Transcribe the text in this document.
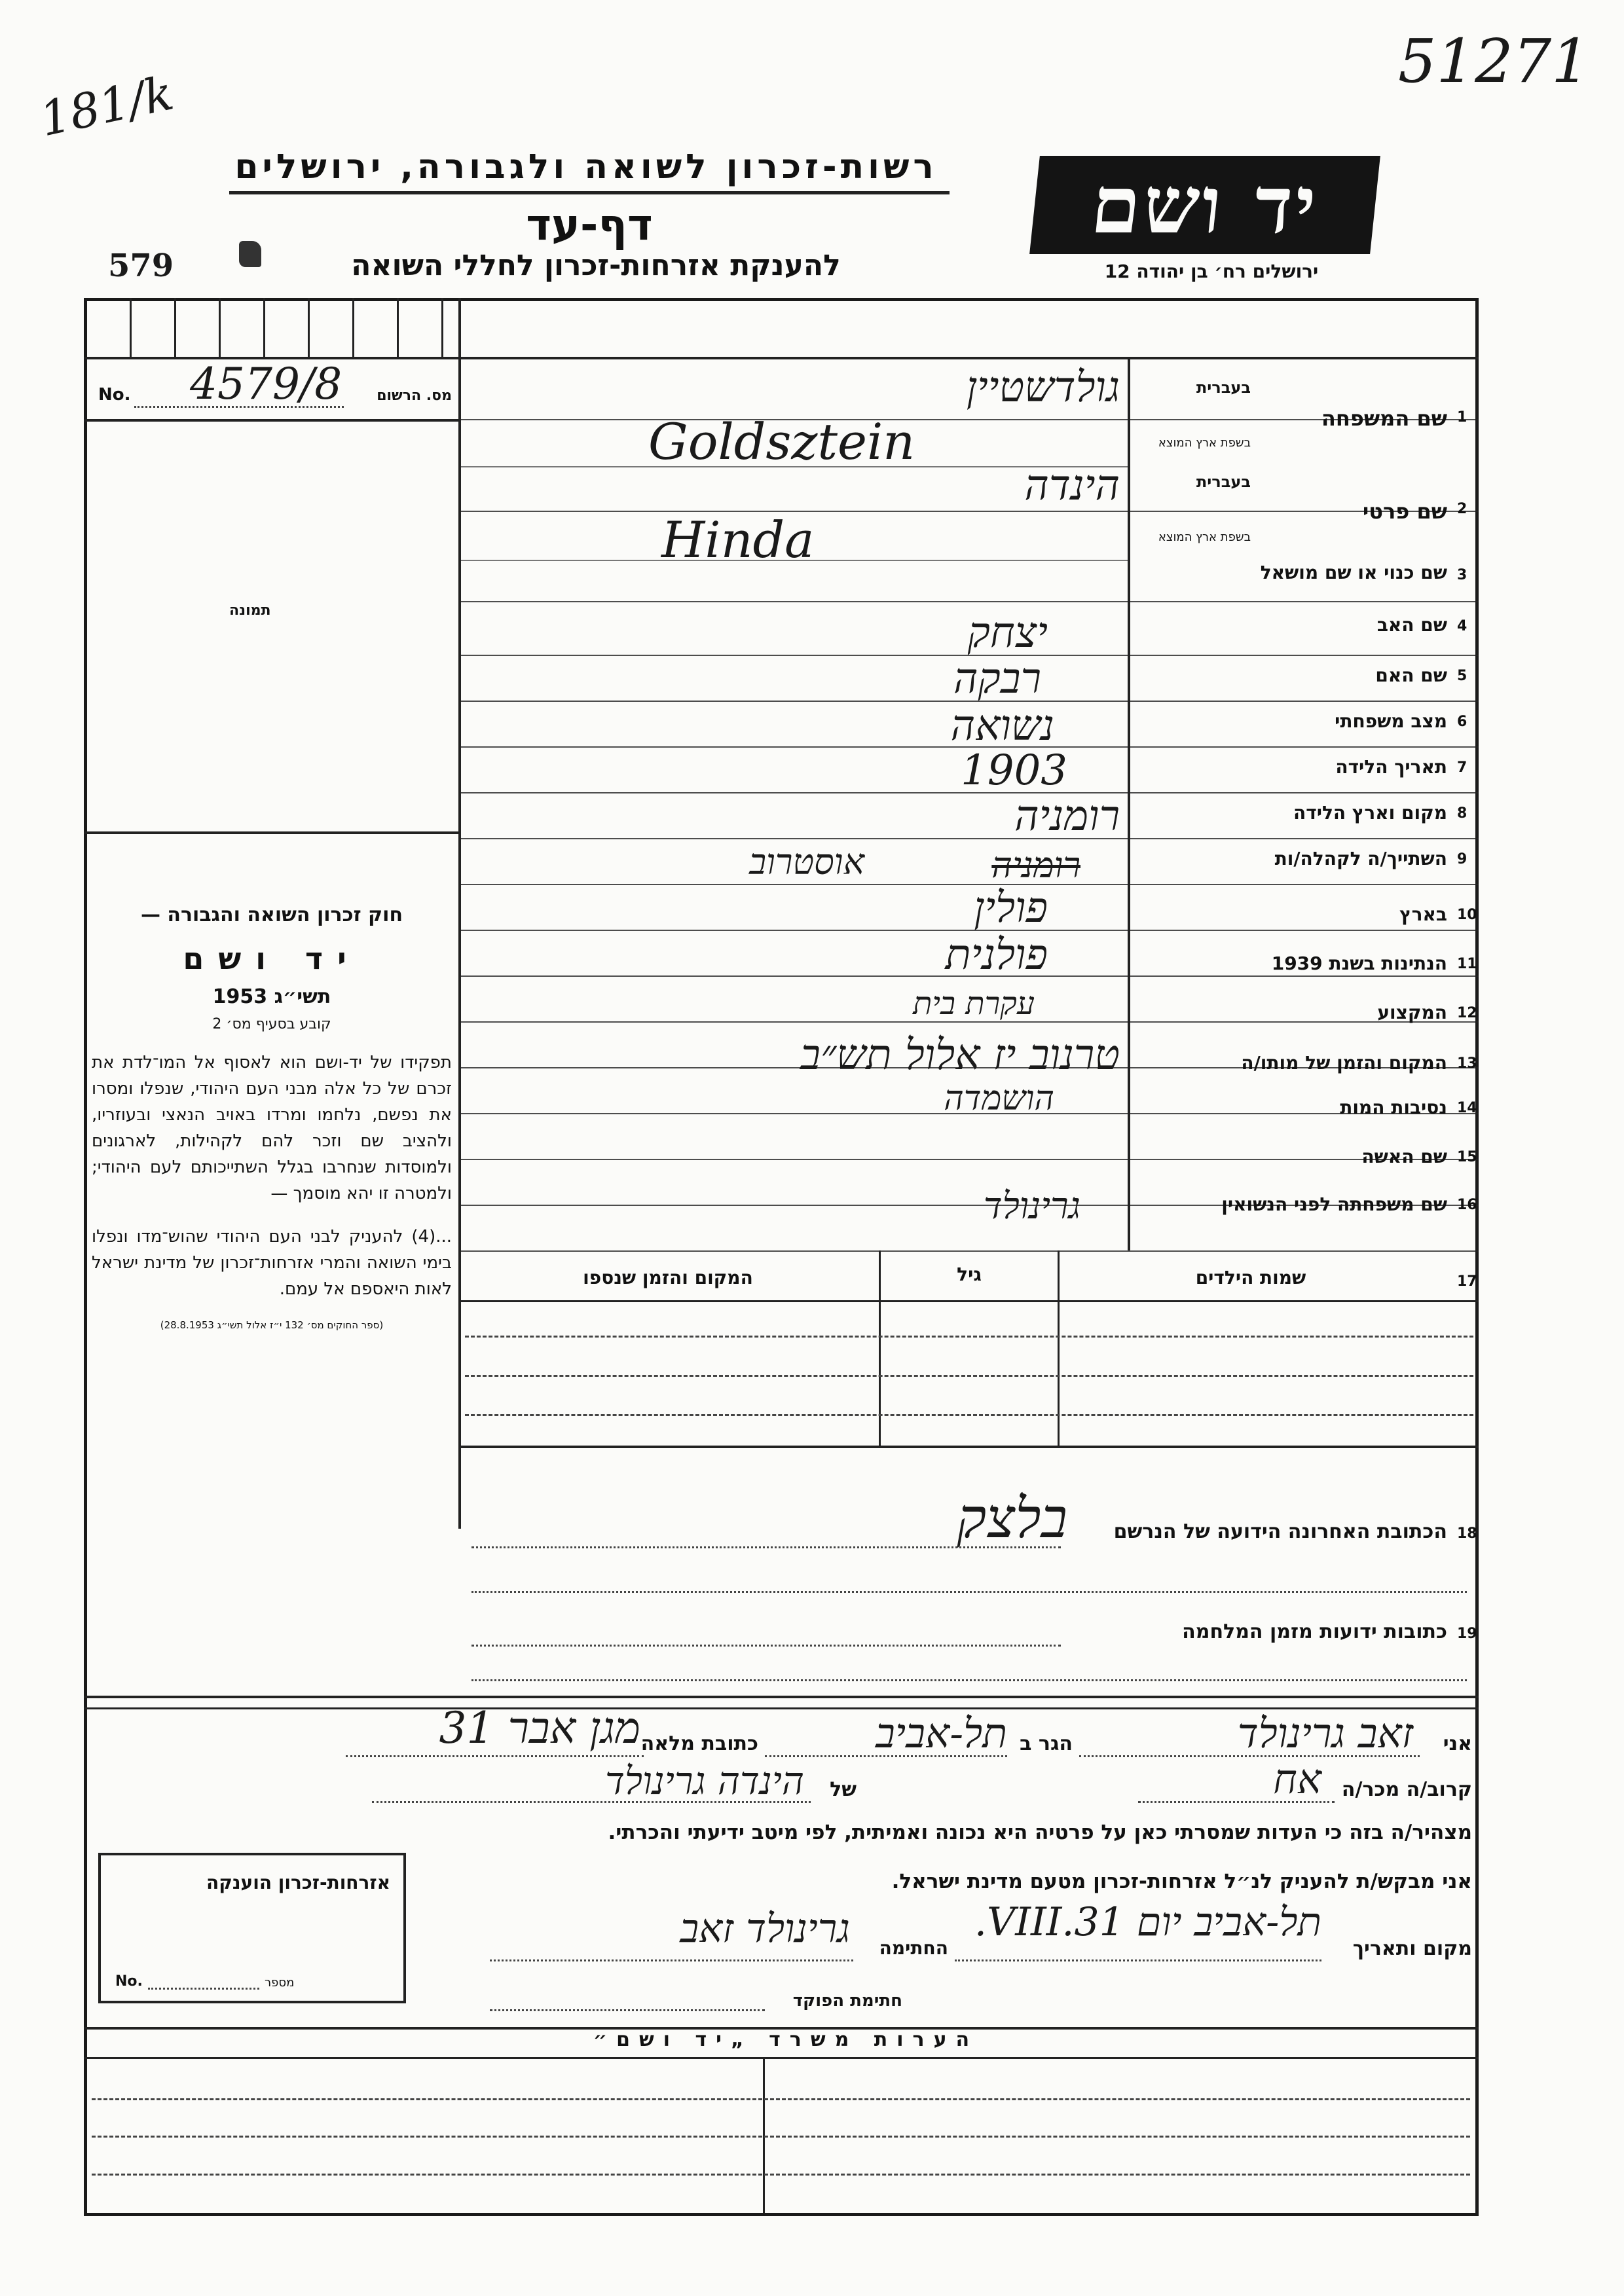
51271
181/k
579
רשות-זכרון לשואה ולגבורה, ירושלים
דף-עד
להענקת אזרחות-זכרון לחללי השואה
יד ושם
ירושלים רח׳ בן יהודה 12
No. 4579/8	מס. הרשום
תמונה
חוק זכרון השואה והגבורה —
יד ושם
תשי״ג 1953
קובע בסעיף מס׳ 2
תפקידו של יד-ושם הוא לאסוף אל המו־לדת את זכרם של כל אלה מבני העם היהודי, שנפלו ומסרו את נפשם, נלחמו ומרדו באויב הנאצי ובעוזריו, ולהציב שם וזכר להם לקהילות, לארגונים ולמוסדות שנחרבו בגלל השתייכותם לעם היהודי; ולמטרה זו יהא מוסמך —
...(4) להעניק לבני העם היהודי שהוש־מדו ונפלו בימי השואה והמרי אזרחות־זכרון של מדינת ישראל לאות היאספם אל עמם.
(ספר החוקים מס׳ 132 י״ז אלול תשי״ג 28.8.1953)
1
שם המשפחה
בעברית
בשפת ארץ המוצא
גולדשטיין
Goldsztein
2
שם פרטי
בעברית
בשפת ארץ המוצא
הינדה
Hinda
3
שם כנוי או שם מושאל
4
שם האב
יצחק
5
שם האם
רבקה
6
מצב משפחתי
נשואה
7
תאריך הלידה
1903
8
מקום וארץ הלידה
רומניה
9
השתייך/ה לקהלה/ות
רומניה
אוסטרוב
10
בארץ
פולין
11
הנתינות בשנת 1939
פולנית
12
המקצוע
עקרת בית
13
המקום והזמן של מותו/ה
טרנוב יז אלול תש״ב
14
נסיבות המות
הושמדה
15
שם האשה
16
שם משפחתה לפני הנשואין
גרינולד
17
שמות הילדים
גיל
המקום והזמן שנספו
18
הכתובת האחרונה הידועה של הנרשם
בלצק
19
כתובות ידועות מזמן המלחמה
אני
זאב גרינולד
הגר ב
תל-אביב
כתובת מלאה
מגן אבר 31
קרוב/ה מכר/ה
אח
של
הינדה גרינולד
מצהיר/ה בזה כי העדות שמסרתי כאן על פרטיה היא נכונה ואמיתית, לפי מיטב ידיעתי והכרתי.
אני מבקש/ת להעניק לנ״ל אזרחות-זכרון מטעם מדינת ישראל.
מקום ותאריך
תל-אביב יום 31.VIII.
החתימה
גרינולד זאב
חתימת הפוקד
אזרחות-זכרון הוענקה
No.	מספר
הערות משרד „יד ושם״
